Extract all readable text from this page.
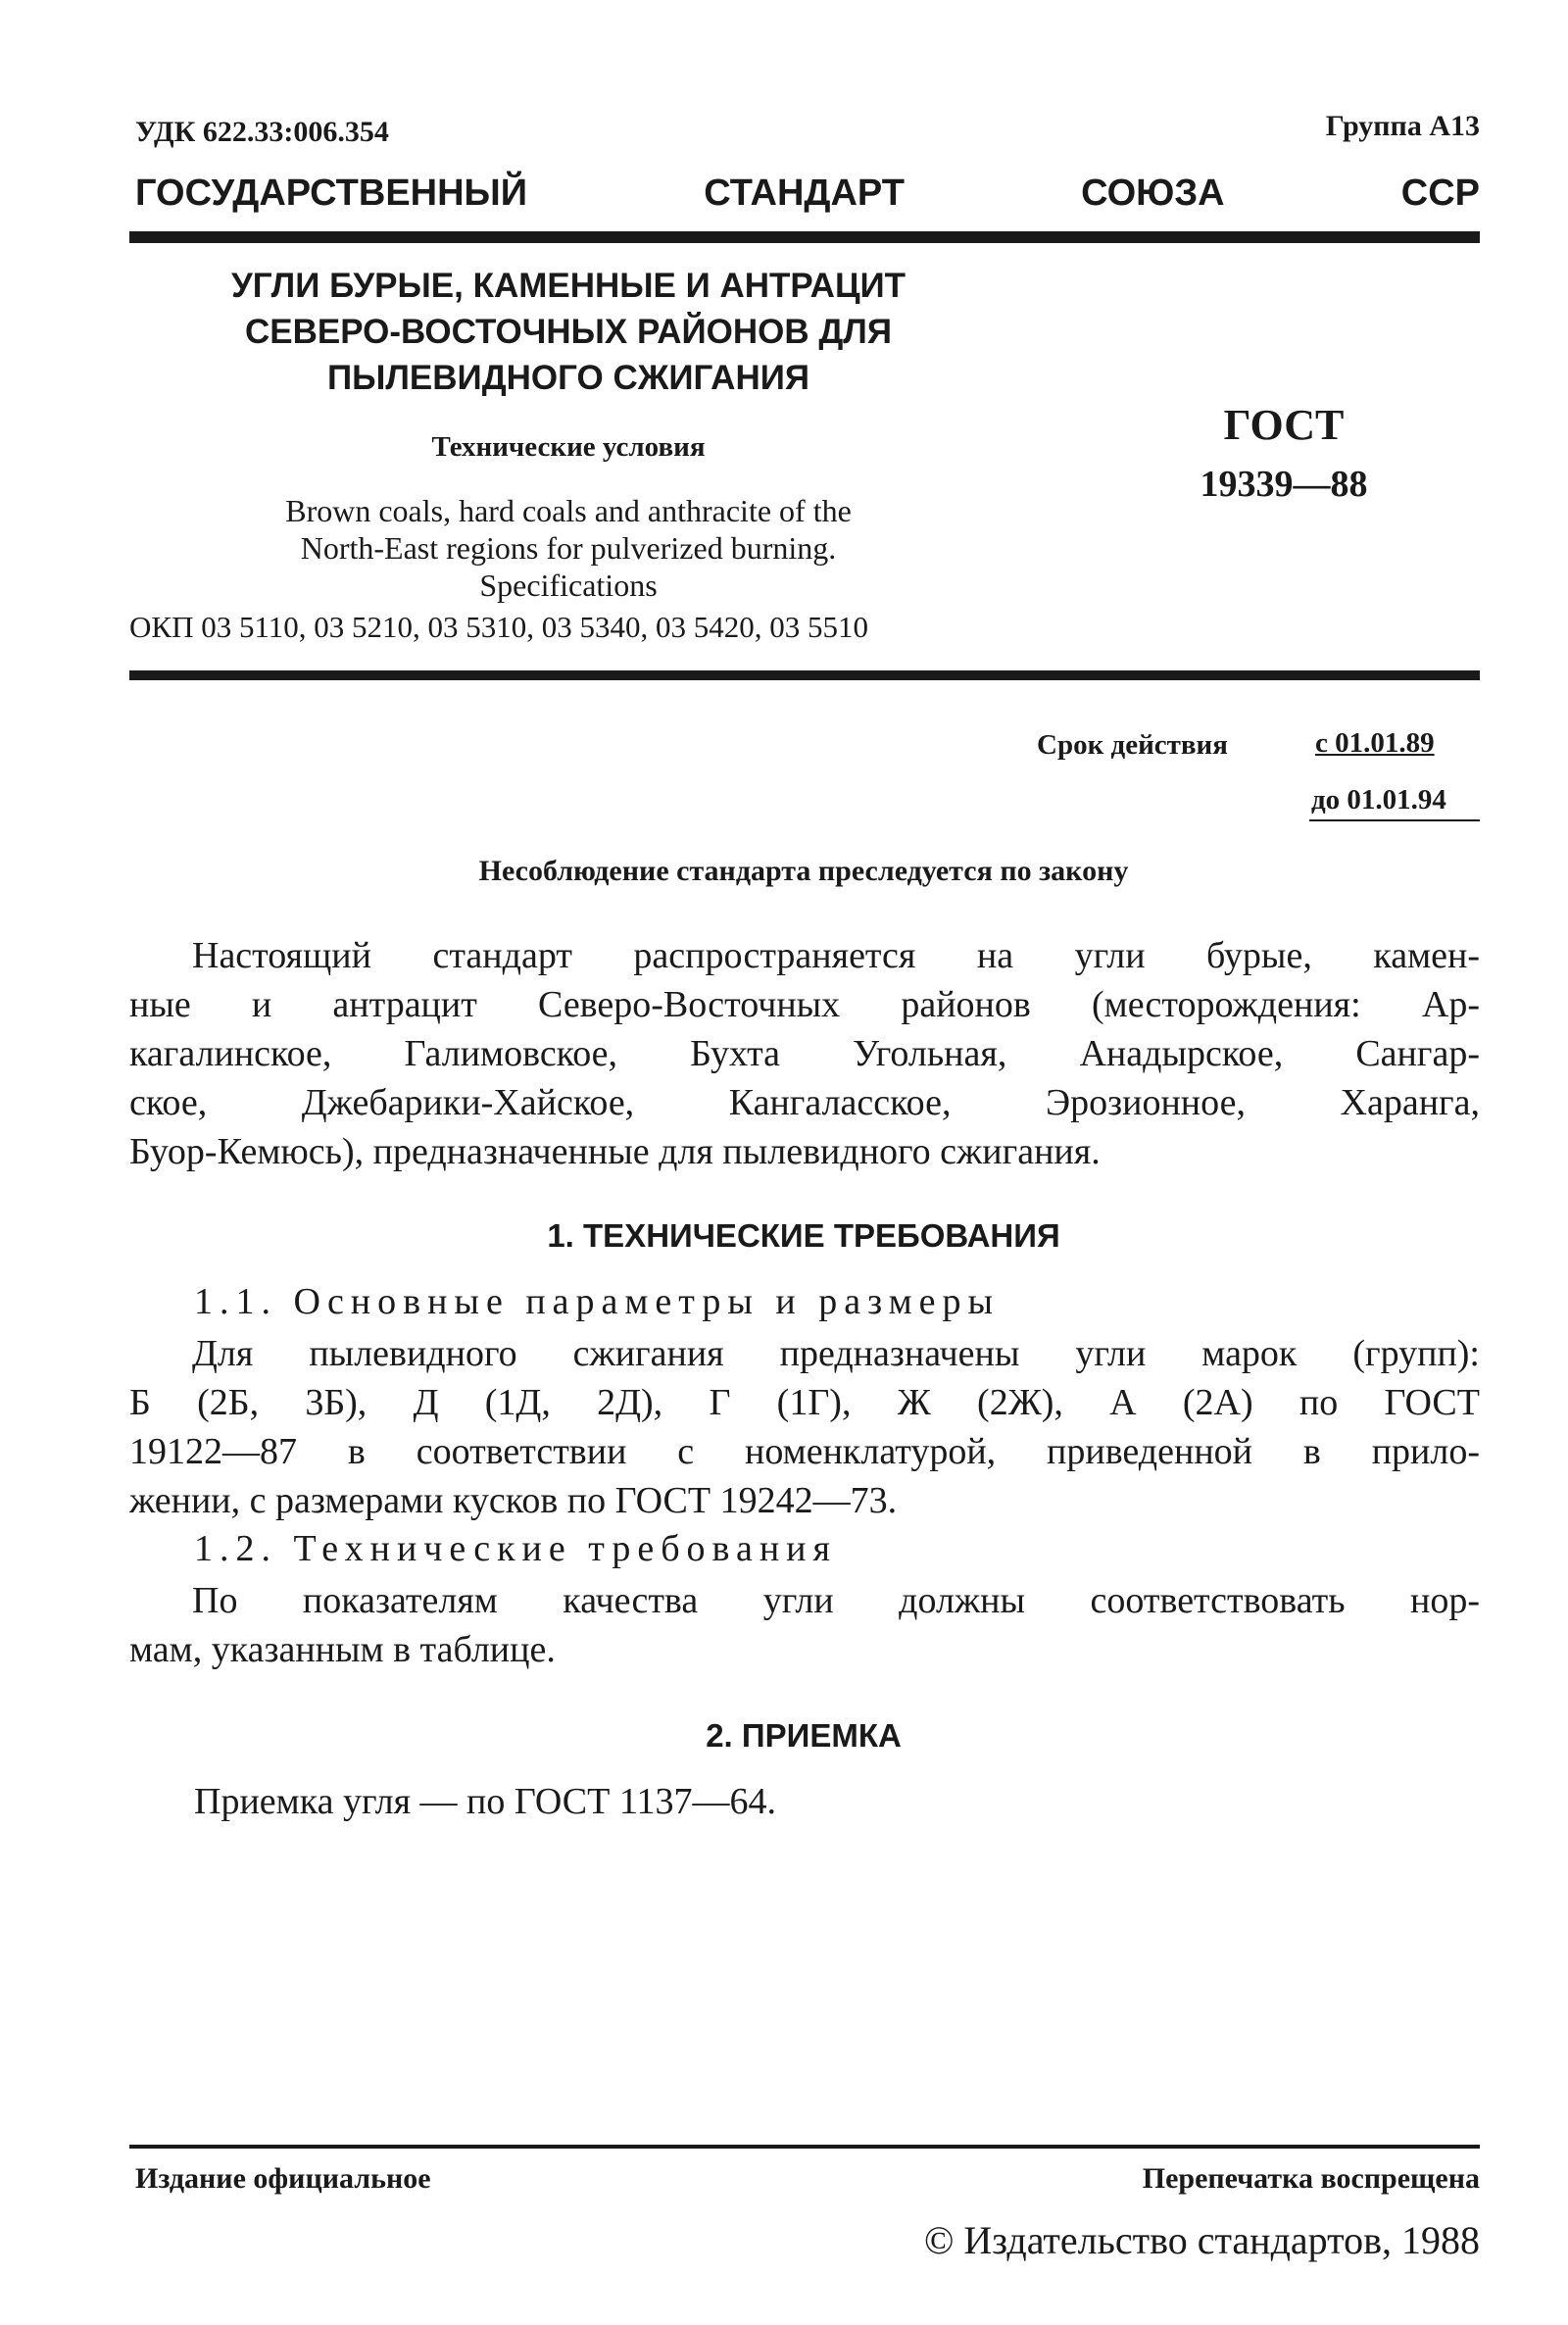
УДК 622.33:006.354	Группа А13
ГОСУДАРСТВЕННЫЙ СТАНДАРТ СОЮЗА ССР
УГЛИ БУРЫЕ, КАМЕННЫЕ И АНТРАЦИТ
СЕВЕРО-ВОСТОЧНЫХ РАЙОНОВ ДЛЯ
ПЫЛЕВИДНОГО СЖИГАНИЯ
Технические условия
Brown coals, hard coals and anthracite of the
North-East regions for pulverized burning.
Specifications
ОКП 03 5110, 03 5210, 03 5310, 03 5340, 03 5420, 03 5510
ГОСТ
19339—88
Срок действия	с 01.01.89
до 01.01.94
Несоблюдение стандарта преследуется по закону
Настоящий стандарт распространяется на угли бурые, камен-
ные и антрацит Северо-Восточных районов (месторождения: Ар-
кагалинское, Галимовское, Бухта Угольная, Анадырское, Сангар-
ское, Джебарики-Хайское, Кангаласское, Эрозионное, Харанга,
Буор-Кемюсь), предназначенные для пылевидного сжигания.
1. ТЕХНИЧЕСКИЕ ТРЕБОВАНИЯ
1.1. Основные параметры и размеры
Для пылевидного сжигания предназначены угли марок (групп):
Б (2Б, 3Б), Д (1Д, 2Д), Г (1Г), Ж (2Ж), А (2А) по ГОСТ
19122—87 в соответствии с номенклатурой, приведенной в прило-
жении, с размерами кусков по ГОСТ 19242—73.
1.2. Технические требования
По показателям качества угли должны соответствовать нор-
мам, указанным в таблице.
2. ПРИЕМКА
Приемка угля — по ГОСТ 1137—64.
Издание официальное	Перепечатка воспрещена
© Издательство стандартов, 1988
